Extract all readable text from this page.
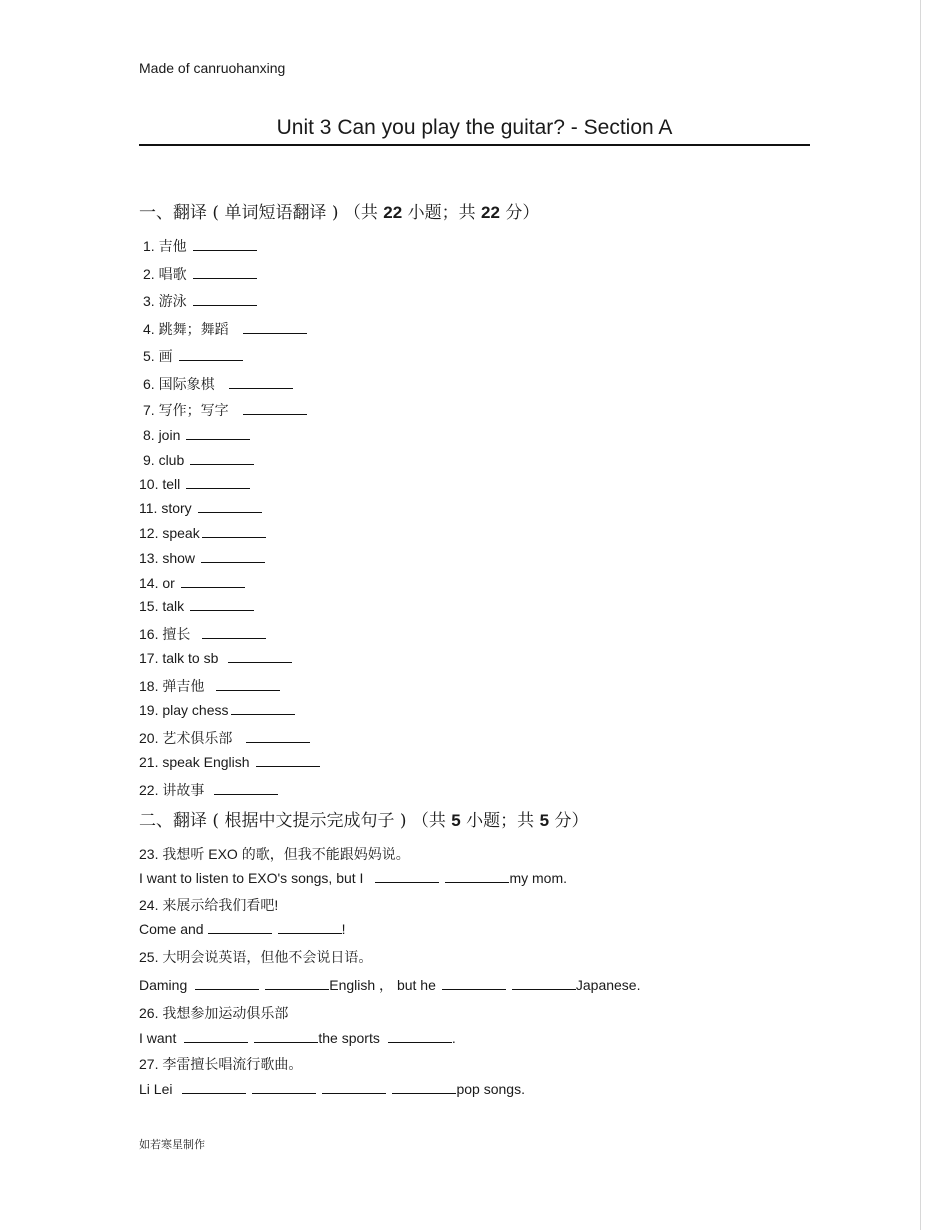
Made of canruohanxing
Unit 3 Can you play the guitar? - Section A
一、翻译 ( 单词短语翻译 ) （共 22 小题；共 22 分）
1. 吉他
2. 唱歌
3. 游泳
4. 跳舞；舞蹈
5. 画
6. 国际象棋
7. 写作；写字
8. join
9. club
10. tell
11. story
12. speak
13. show
14. or
15. talk
16. 擅长
17. talk to sb
18. 弹吉他
19. play chess
20. 艺术俱乐部
21. speak English
22. 讲故事
二、翻译 ( 根据中文提示完成句子 ) （共 5 小题；共 5 分）
23. 我想听 EXO 的歌，但我不能跟妈妈说。
I want to listen to EXO's songs, but I	my mom.
24. 来展示给我们看吧!
Come and	!
25. 大明会说英语，但他不会说日语。
Daming	English ， but he	Japanese.
26. 我想参加运动俱乐部
I want	the sports	.
27. 李雷擅长唱流行歌曲。
Li Lei	pop songs.
如若寒星制作
